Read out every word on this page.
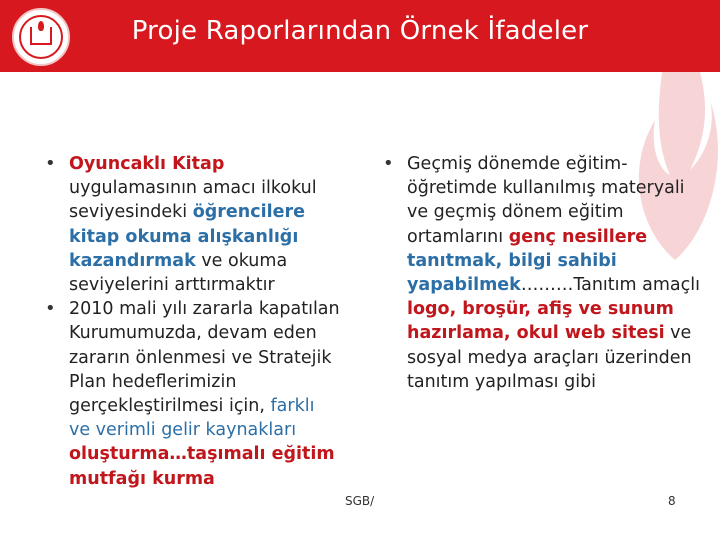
Proje Raporlarından Örnek İfadeler
• Oyuncaklı Kitap uygulamasının amacı ilkokul seviyesindeki öğrencilere kitap okuma alışkanlığı kazandırmak ve okuma seviyelerini arttırmaktır
• 2010 mali yılı zararla kapatılan Kurumumuzda, devam eden zararın önlenmesi ve Stratejik Plan hedeflerimizin gerçekleştirilmesi için, farklı ve verimli gelir kaynakları oluşturma…taşımalı eğitim mutfağı kurma
• Geçmiş dönemde eğitim-öğretimde kullanılmış materyali ve geçmiş dönem eğitim ortamlarını genç nesillere tanıtmak, bilgi sahibi yapabilmek………Tanıtım amaçlı logo, broşür, afiş ve sunum hazırlama, okul web sitesi ve sosyal medya araçları üzerinden tanıtım yapılması gibi
SGB/	8
